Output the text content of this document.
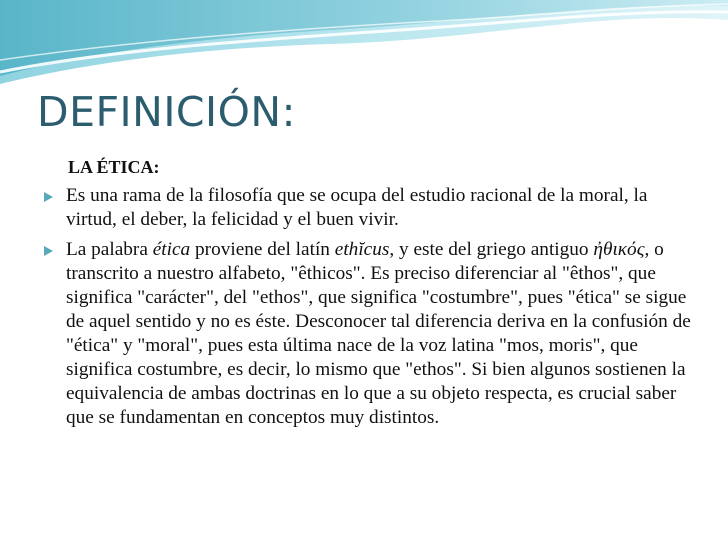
DEFINICIÓN:
LA ÉTICA:
Es una rama de la filosofía que se ocupa del estudio racional de la moral, la virtud, el deber, la felicidad y el buen vivir.
La palabra ética proviene del latín ethĭcus, y este del griego antiguo ἠθικός, o transcrito a nuestro alfabeto, "êthicos". Es preciso diferenciar al "êthos", que significa "carácter", del "ethos", que significa "costumbre", pues "ética" se sigue de aquel sentido y no es éste. Desconocer tal diferencia deriva en la confusión de "ética" y "moral", pues esta última nace de la voz latina "mos, moris", que significa costumbre, es decir, lo mismo que "ethos". Si bien algunos sostienen la equivalencia de ambas doctrinas en lo que a su objeto respecta, es crucial saber que se fundamentan en conceptos muy distintos.
